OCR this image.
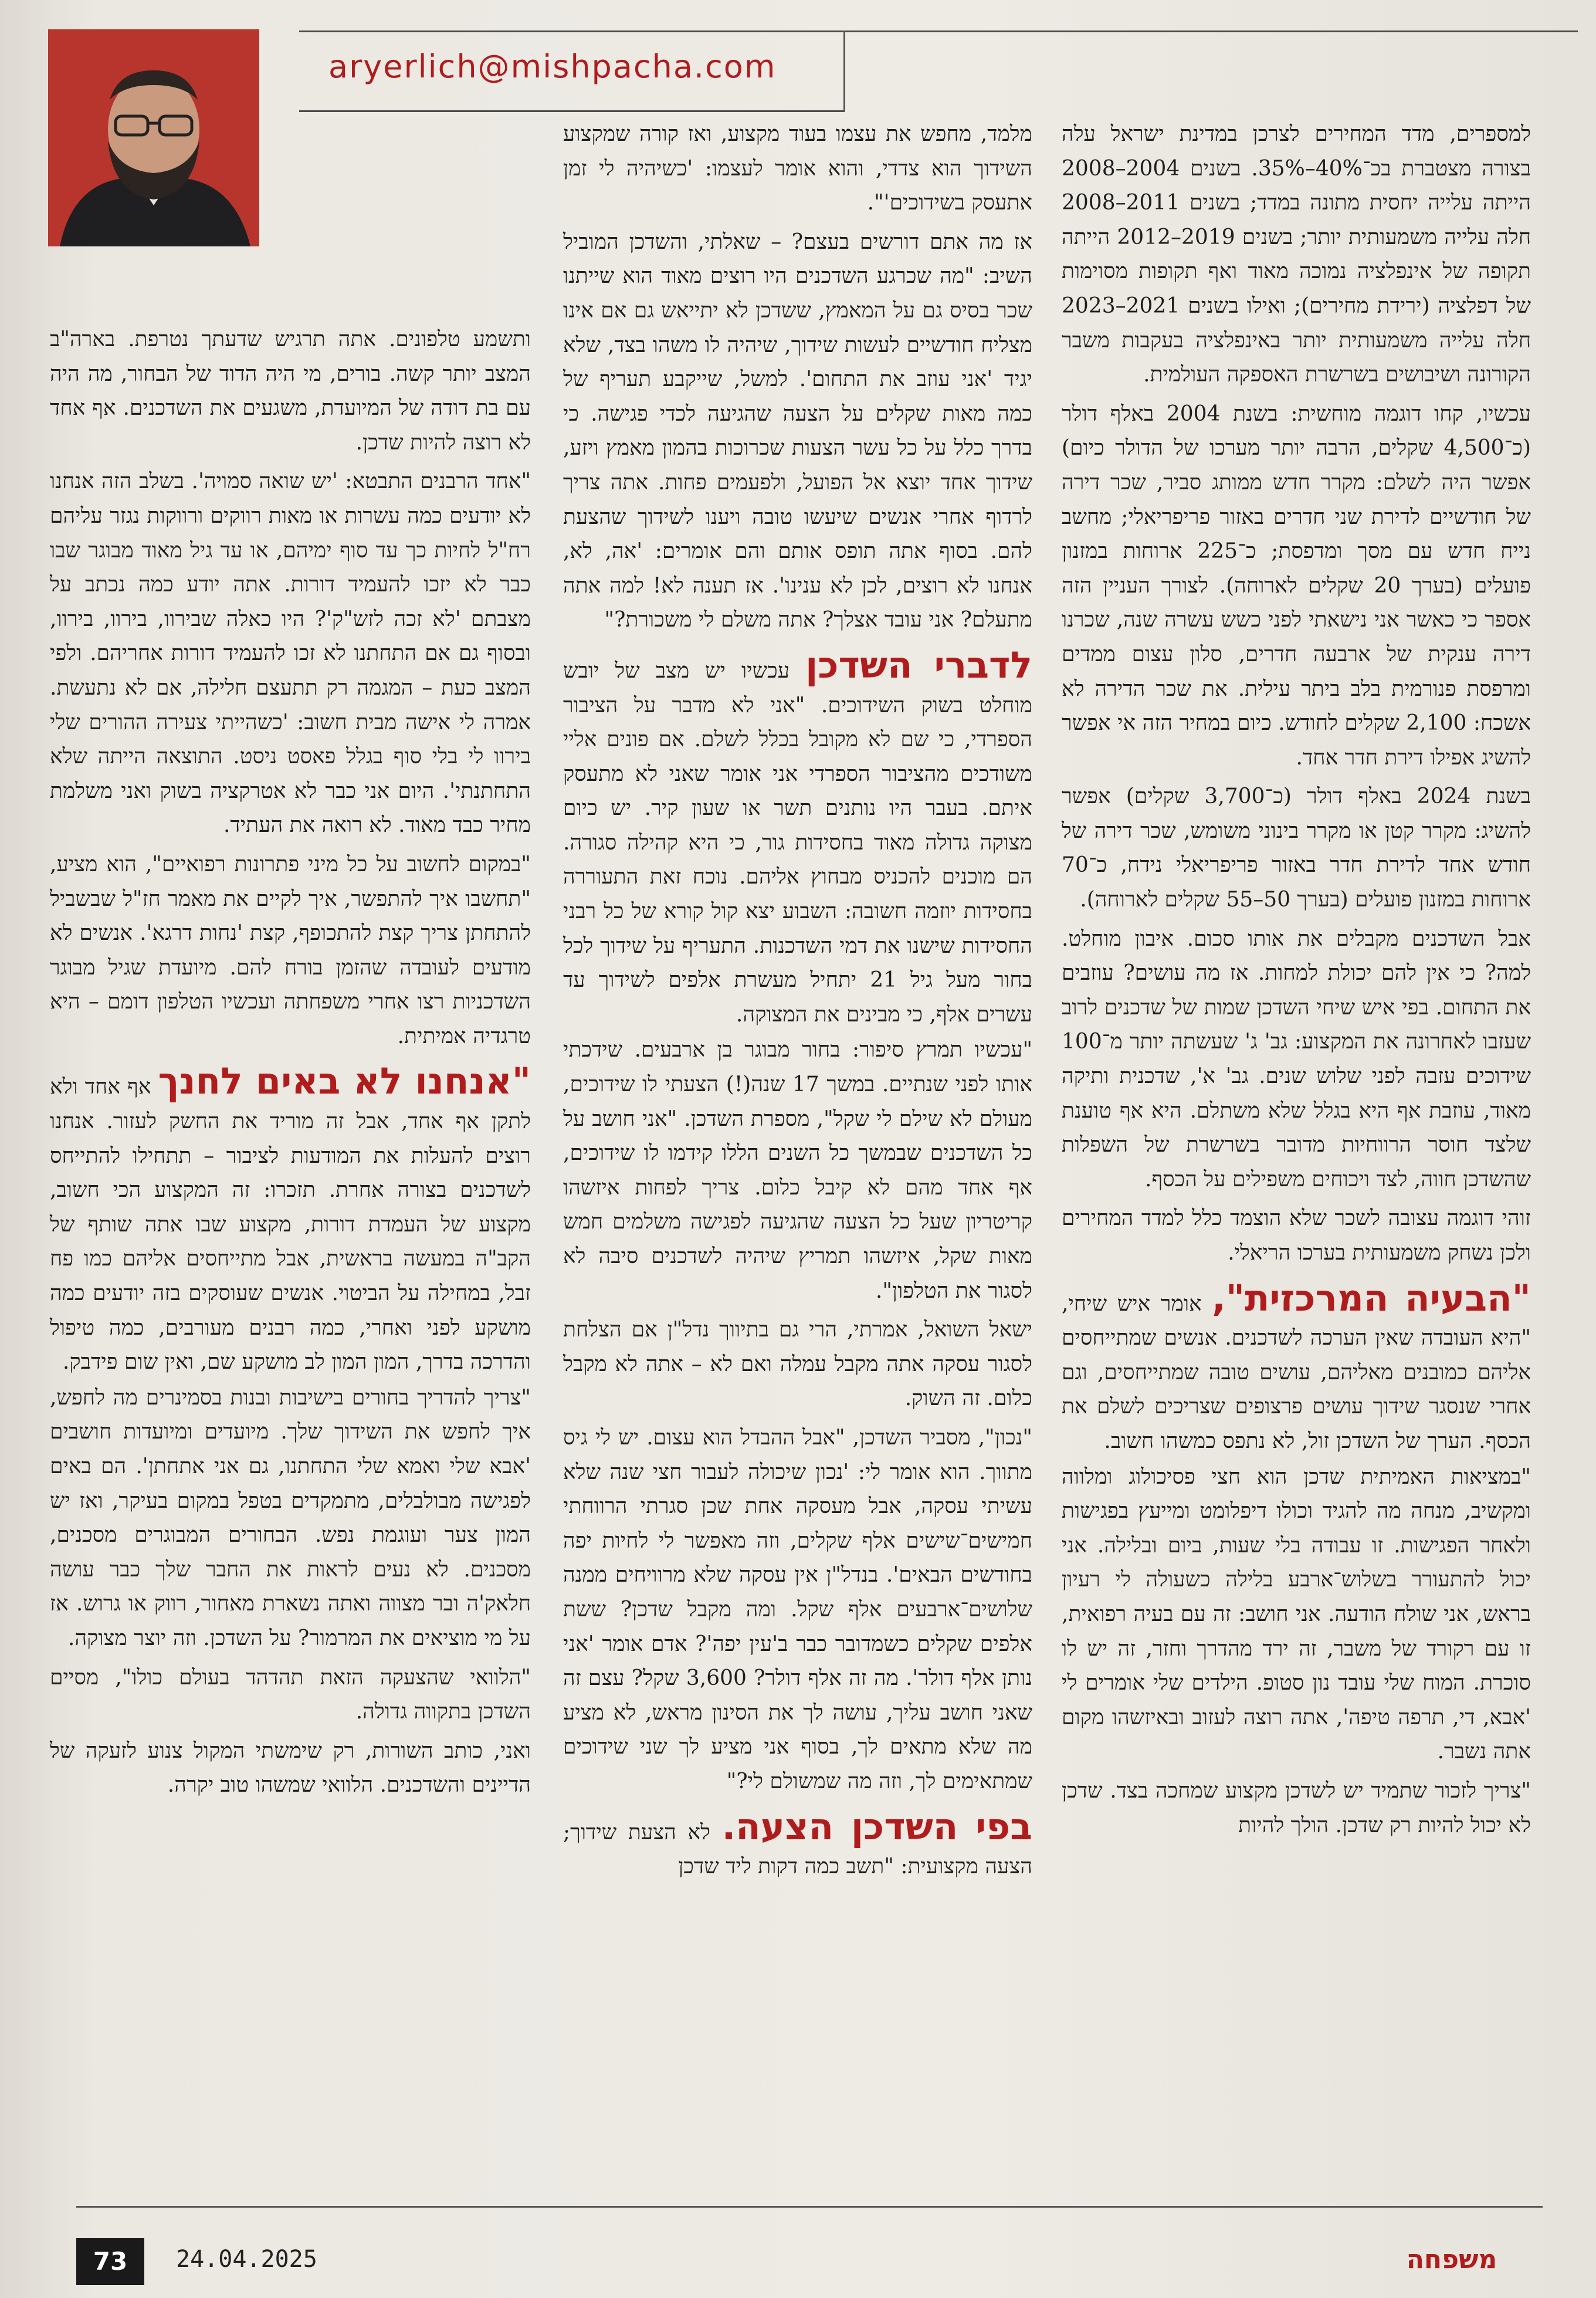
aryerlich@mishpacha.com

למספרים, מדד המחירים לצרכן במדינת ישראל עלה בצורה מצטברת בכ־40%–35%. בשנים 2004–2008 הייתה עלייה יחסית מתונה במדד; בשנים 2011–2008 חלה עלייה משמעותית יותר; בשנים 2019–2012 הייתה תקופה של אינפלציה נמוכה מאוד ואף תקופות מסוימות של דפלציה (ירידת מחירים); ואילו בשנים 2021–2023 חלה עלייה משמעותית יותר באינפלציה בעקבות משבר הקורונה ושיבושים בשרשרת האספקה העולמית.

עכשיו, קחו דוגמה מוחשית: בשנת 2004 באלף דולר (כ־4,500 שקלים, הרבה יותר מערכו של הדולר כיום) אפשר היה לשלם: מקרר חדש ממותג סביר, שכר דירה של חודשיים לדירת שני חדרים באזור פריפריאלי; מחשב נייח חדש עם מסך ומדפסת; כ־225 ארוחות במזנון פועלים (בערך 20 שקלים לארוחה). לצורך העניין הזה אספר כי כאשר אני נישאתי לפני כשש עשרה שנה, שכרנו דירה ענקית של ארבעה חדרים, סלון עצום ממדים ומרפסת פנורמית בלב ביתר עילית. את שכר הדירה לא אשכח: 2,100 שקלים לחודש. כיום במחיר הזה אי אפשר להשיג אפילו דירת חדר אחד.

בשנת 2024 באלף דולר (כ־3,700 שקלים) אפשר להשיג: מקרר קטן או מקרר בינוני משומש, שכר דירה של חודש אחד לדירת חדר באזור פריפריאלי נידח, כ־70 ארוחות במזנון פועלים (בערך 50–55 שקלים לארוחה).

אבל השדכנים מקבלים את אותו סכום. איבון מוחלט. למה? כי אין להם יכולת למחות. אז מה עושים? עוזבים את התחום. בפי איש שיחי השדכן שמות של שדכנים לרוב שעזבו לאחרונה את המקצוע: גב' ג' שעשתה יותר מ־100 שידוכים עזבה לפני שלוש שנים. גב' א', שדכנית ותיקה מאוד, עוזבת אף היא בגלל שלא משתלם. היא אף טוענת שלצד חוסר הרווחיות מדובר בשרשרת של השפלות שהשדכן חווה, לצד ויכוחים משפילים על הכסף.

זוהי דוגמה עצובה לשכר שלא הוצמד כלל למדד המחירים ולכן נשחק משמעותית בערכו הריאלי.

"הבעיה המרכזית", אומר איש שיחי, "היא העובדה שאין הערכה לשדכנים. אנשים שמתייחסים אליהם כמובנים מאליהם, עושים טובה שמתייחסים, וגם אחרי שנסגר שידוך עושים פרצופים שצריכים לשלם את הכסף. הערך של השדכן זול, לא נתפס כמשהו חשוב.

"במציאות האמיתית שדכן הוא חצי פסיכולוג ומלווה ומקשיב, מנחה מה להגיד וכולו דיפלומט ומייעץ בפגישות ולאחר הפגישות. זו עבודה בלי שעות, ביום ובלילה. אני יכול להתעורר בשלוש־ארבע בלילה כשעולה לי רעיון בראש, אני שולח הודעה. אני חושב: זה עם בעיה רפואית, זו עם רקורד של משבר, זה ירד מהדרך וחזר, זה יש לו סוכרת. המוח שלי עובד נון סטופ. הילדים שלי אומרים לי 'אבא, די, תרפה טיפה', אתה רוצה לעזוב ובאיזשהו מקום אתה נשבר.

"צריך לזכור שתמיד יש לשדכן מקצוע שמחכה בצד. שדכן לא יכול להיות רק שדכן. הולך להיות

מלמד, מחפש את עצמו בעוד מקצוע, ואז קורה שמקצוע השידוך הוא צדדי, והוא אומר לעצמו: 'כשיהיה לי זמן אתעסק בשידוכים'".

אז מה אתם דורשים בעצם? – שאלתי, והשדכן המוביל השיב: "מה שכרגע השדכנים היו רוצים מאוד הוא שייתנו שכר בסיס גם על המאמץ, ששדכן לא יתייאש גם אם אינו מצליח חודשיים לעשות שידוך, שיהיה לו משהו בצד, שלא יגיד 'אני עוזב את התחום'. למשל, שייקבע תעריף של כמה מאות שקלים על הצעה שהגיעה לכדי פגישה. כי בדרך כלל על כל עשר הצעות שכרוכות בהמון מאמץ ויזע, שידוך אחד יוצא אל הפועל, ולפעמים פחות. אתה צריך לרדוף אחרי אנשים שיעשו טובה ויענו לשידוך שהצעת להם. בסוף אתה תופס אותם והם אומרים: 'אה, לא, אנחנו לא רוצים, לכן לא ענינו'. אז תענה לא! למה אתה מתעלם? אני עובד אצלך? אתה משלם לי משכורת?"

לדברי השדכן עכשיו יש מצב של יובש מוחלט בשוק השידוכים. "אני לא מדבר על הציבור הספרדי, כי שם לא מקובל בכלל לשלם. אם פונים אליי משודכים מהציבור הספרדי אני אומר שאני לא מתעסק איתם. בעבר היו נותנים תשר או שעון קיר. יש כיום מצוקה גדולה מאוד בחסידות גור, כי היא קהילה סגורה. הם מוכנים להכניס מבחוץ אליהם. נוכח זאת התעוררה בחסידות יוזמה חשובה: השבוע יצא קול קורא של כל רבני החסידות שישנו את דמי השדכנות. התעריף על שידוך לכל בחור מעל גיל 21 יתחיל מעשרת אלפים לשידוך עד עשרים אלף, כי מבינים את המצוקה.

"עכשיו תמרץ סיפור: בחור מבוגר בן ארבעים. שידכתי אותו לפני שנתיים. במשך 17 שנה(!) הצעתי לו שידוכים, מעולם לא שילם לי שקל", מספרת השדכן. "אני חושב על כל השדכנים שבמשך כל השנים הללו קידמו לו שידוכים, אף אחד מהם לא קיבל כלום. צריך לפחות איזשהו קריטריון שעל כל הצעה שהגיעה לפגישה משלמים חמש מאות שקל, איזשהו תמריץ שיהיה לשדכנים סיבה לא לסגור את הטלפון".

ישאל השואל, אמרתי, הרי גם בתיווך נדל"ן אם הצלחת לסגור עסקה אתה מקבל עמלה ואם לא – אתה לא מקבל כלום. זה השוק.

"נכון", מסביר השדכן, "אבל ההבדל הוא עצום. יש לי גיס מתווך. הוא אומר לי: 'נכון שיכולה לעבור חצי שנה שלא עשיתי עסקה, אבל מעסקה אחת שכן סגרתי הרווחתי חמישים־שישים אלף שקלים, וזה מאפשר לי לחיות יפה בחודשים הבאים'. בנדל"ן אין עסקה שלא מרוויחים ממנה שלושים־ארבעים אלף שקל. ומה מקבל שדכן? ששת אלפים שקלים כשמדובר כבר ב'עין יפה'? אדם אומר 'אני נותן אלף דולר'. מה זה אלף דולר? 3,600 שקל? עצם זה שאני חושב עליך, עושה לך את הסינון מראש, לא מציע מה שלא מתאים לך, בסוף אני מציע לך שני שידוכים שמתאימים לך, וזה מה שמשולם לי?"

בפי השדכן הצעה. לא הצעת שידוך; הצעה מקצועית: "תשב כמה דקות ליד שדכן

ותשמע טלפונים. אתה תרגיש שדעתך נטרפת. בארה"ב המצב יותר קשה. בורים, מי היה הדוד של הבחור, מה היה עם בת דודה של המיועדת, משגעים את השדכנים. אף אחד לא רוצה להיות שדכן.

"אחד הרבנים התבטא: 'יש שואה סמויה'. בשלב הזה אנחנו לא יודעים כמה עשרות או מאות רווקים ורווקות נגזר עליהם רח"ל לחיות כך עד סוף ימיהם, או עד גיל מאוד מבוגר שבו כבר לא יזכו להעמיד דורות. אתה יודע כמה נכתב על מצבתם 'לא זכה לזש"ק'? היו כאלה שבירוו, בירוו, בירוו, ובסוף גם אם התחתנו לא זכו להעמיד דורות אחריהם. ולפי המצב כעת – המגמה רק תתעצם חלילה, אם לא נתעשת. אמרה לי אישה מבית חשוב: 'כשהייתי צעירה ההורים שלי בירוו לי בלי סוף בגלל פאסט ניסט. התוצאה הייתה שלא התחתנתי'. היום אני כבר לא אטרקציה בשוק ואני משלמת מחיר כבד מאוד. לא רואה את העתיד.

"במקום לחשוב על כל מיני פתרונות רפואיים", הוא מציע, "תחשבו איך להתפשר, איך לקיים את מאמר חז"ל שבשביל להתחתן צריך קצת להתכופף, קצת 'נחות דרגא'. אנשים לא מודעים לעובדה שהזמן בורח להם. מיועדת שגיל מבוגר השדכניות רצו אחרי משפחתה ועכשיו הטלפון דומם – היא טרגדיה אמיתית.

"אנחנו לא באים לחנך אף אחד ולא לתקן אף אחד, אבל זה מוריד את החשק לעזור. אנחנו רוצים להעלות את המודעות לציבור – תתחילו להתייחס לשדכנים בצורה אחרת. תזכרו: זה המקצוע הכי חשוב, מקצוע של העמדת דורות, מקצוע שבו אתה שותף של הקב"ה במעשה בראשית, אבל מתייחסים אליהם כמו פח זבל, במחילה על הביטוי. אנשים שעוסקים בזה יודעים כמה מושקע לפני ואחרי, כמה רבנים מעורבים, כמה טיפול והדרכה בדרך, המון המון לב מושקע שם, ואין שום פידבק.

"צריך להדריך בחורים בישיבות ובנות בסמינרים מה לחפש, איך לחפש את השידוך שלך. מיועדים ומיועדות חושבים 'אבא שלי ואמא שלי התחתנו, גם אני אתחתן'. הם באים לפגישה מבולבלים, מתמקדים בטפל במקום בעיקר, ואז יש המון צער ועוגמת נפש. הבחורים המבוגרים מסכנים, מסכנים. לא נעים לראות את החבר שלך כבר עושה חלאק'ה ובר מצווה ואתה נשארת מאחור, רווק או גרוש. אז על מי מוציאים את המרמור? על השדכן. וזה יוצר מצוקה.

"הלוואי שהצעקה הזאת תהדהד בעולם כולו", מסיים השדכן בתקווה גדולה.

ואני, כותב השורות, רק שימשתי המקול צנוע לזעקה של הדיינים והשדכנים. הלוואי שמשהו טוב יקרה.

73	24.04.2025	משפחה
